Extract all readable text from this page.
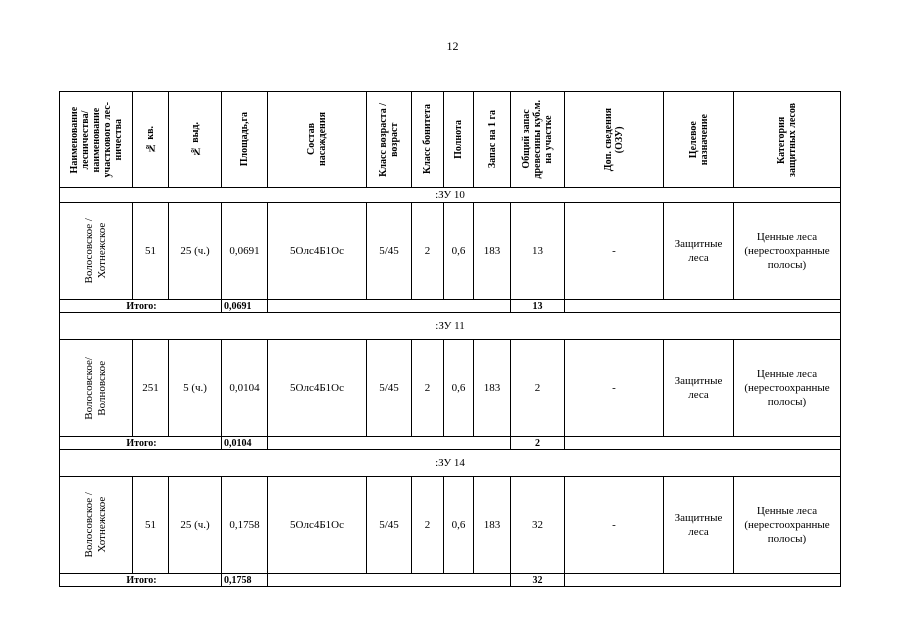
12
Наименование
лесничества/
наименование
участкового лес-
ничества	№ кв.	№ выд.	Площадь,га	Состав
насаждения	Класс возраста /
возраст	Класс бонитета	Полнота	Запас на 1 га	Общий запас
древесины куб.м.
на участке	Доп. сведения
(ОЗУ)	Целевое
назначение	Категория
защитных лесов

:ЗУ 10												

Волосовское /
Хотнежское	51	25 (ч.)	0,0691	5Олс4Б1Ос	5/45	2	0,6	183	13	-	Защитные
леса	Ценные леса
(нерестоохранные
полосы)
Итого:			0,0691						13			
:ЗУ 11												

Волосовское/
Волновское	251	5 (ч.)	0,0104	5Олс4Б1Ос	5/45	2	0,6	183	2	-	Защитные
леса	Ценные леса
(нерестоохранные
полосы)
Итого:			0,0104						2			
:ЗУ 14												

Волосовское /
Хотнежское	51	25 (ч.)	0,1758	5Олс4Б1Ос	5/45	2	0,6	183	32	-	Защитные
леса	Ценные леса
(нерестоохранные
полосы)
Итого:			0,1758						32			
